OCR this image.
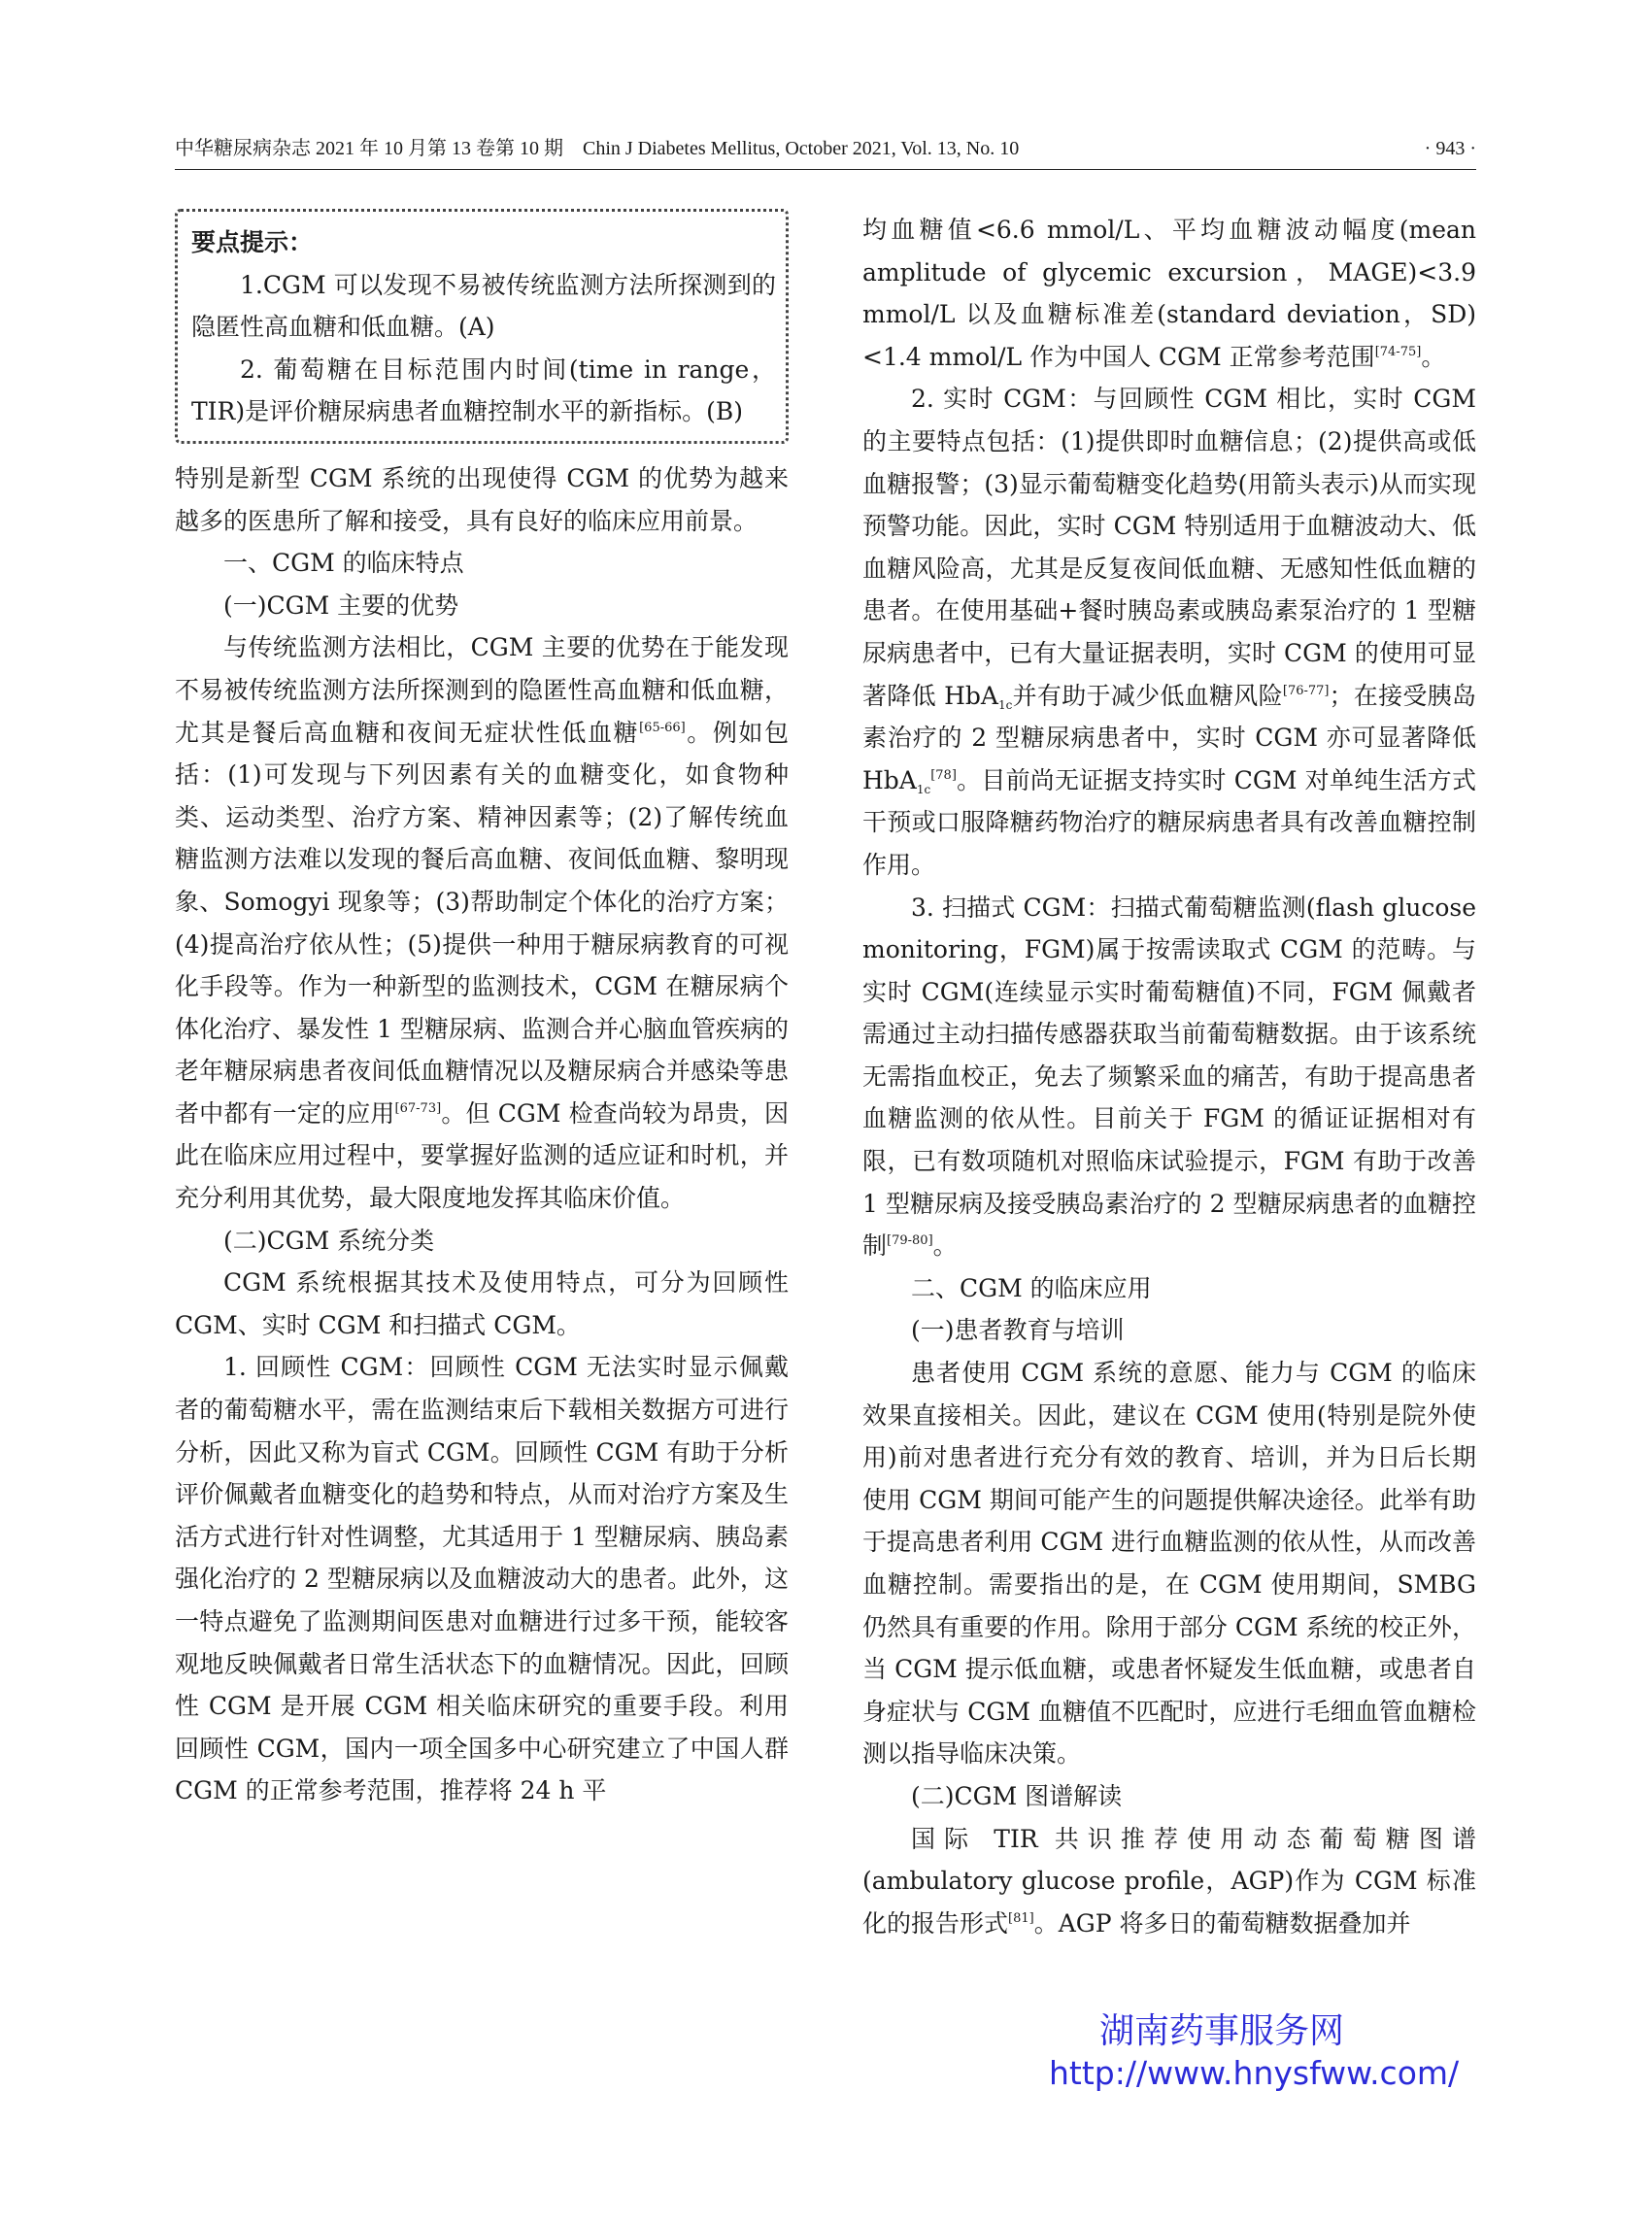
中华糖尿病杂志 2021 年 10 月第 13 卷第 10 期　Chin J Diabetes Mellitus, October 2021, Vol. 13, No. 10	· 943 ·

要点提示：

1.CGM 可以发现不易被传统监测方法所探测到的隐匿性高血糖和低血糖。(A)

2. 葡萄糖在目标范围内时间(time in range，TIR)是评价糖尿病患者血糖控制水平的新指标。(B)

特别是新型 CGM 系统的出现使得 CGM 的优势为越来越多的医患所了解和接受，具有良好的临床应用前景。

一、CGM 的临床特点

(一)CGM 主要的优势

与传统监测方法相比，CGM 主要的优势在于能发现不易被传统监测方法所探测到的隐匿性高血糖和低血糖，尤其是餐后高血糖和夜间无症状性低血糖[65-66]。例如包括：(1)可发现与下列因素有关的血糖变化，如食物种类、运动类型、治疗方案、精神因素等；(2)了解传统血糖监测方法难以发现的餐后高血糖、夜间低血糖、黎明现象、Somogyi 现象等；(3)帮助制定个体化的治疗方案；(4)提高治疗依从性；(5)提供一种用于糖尿病教育的可视化手段等。作为一种新型的监测技术，CGM 在糖尿病个体化治疗、暴发性 1 型糖尿病、监测合并心脑血管疾病的老年糖尿病患者夜间低血糖情况以及糖尿病合并感染等患者中都有一定的应用[67-73]。但 CGM 检查尚较为昂贵，因此在临床应用过程中，要掌握好监测的适应证和时机，并充分利用其优势，最大限度地发挥其临床价值。

(二)CGM 系统分类

CGM 系统根据其技术及使用特点，可分为回顾性 CGM、实时 CGM 和扫描式 CGM。

1. 回顾性 CGM：回顾性 CGM 无法实时显示佩戴者的葡萄糖水平，需在监测结束后下载相关数据方可进行分析，因此又称为盲式 CGM。回顾性 CGM 有助于分析评价佩戴者血糖变化的趋势和特点，从而对治疗方案及生活方式进行针对性调整，尤其适用于 1 型糖尿病、胰岛素强化治疗的 2 型糖尿病以及血糖波动大的患者。此外，这一特点避免了监测期间医患对血糖进行过多干预，能较客观地反映佩戴者日常生活状态下的血糖情况。因此，回顾性 CGM 是开展 CGM 相关临床研究的重要手段。利用回顾性 CGM，国内一项全国多中心研究建立了中国人群 CGM 的正常参考范围，推荐将 24 h 平

均血糖值<6.6 mmol/L、平均血糖波动幅度(mean amplitude of glycemic excursion，MAGE)<3.9 mmol/L 以及血糖标准差(standard deviation，SD)<1.4 mmol/L 作为中国人 CGM 正常参考范围[74-75]。

2. 实时 CGM：与回顾性 CGM 相比，实时 CGM 的主要特点包括：(1)提供即时血糖信息；(2)提供高或低血糖报警；(3)显示葡萄糖变化趋势(用箭头表示)从而实现预警功能。因此，实时 CGM 特别适用于血糖波动大、低血糖风险高，尤其是反复夜间低血糖、无感知性低血糖的患者。在使用基础+餐时胰岛素或胰岛素泵治疗的 1 型糖尿病患者中，已有大量证据表明，实时 CGM 的使用可显著降低 HbA$_{1c}$并有助于减少低血糖风险[76-77]；在接受胰岛素治疗的 2 型糖尿病患者中，实时 CGM 亦可显著降低 HbA$_{1c}$[78]。目前尚无证据支持实时 CGM 对单纯生活方式干预或口服降糖药物治疗的糖尿病患者具有改善血糖控制作用。

3. 扫描式 CGM：扫描式葡萄糖监测(flash glucose monitoring，FGM)属于按需读取式 CGM 的范畴。与实时 CGM(连续显示实时葡萄糖值)不同，FGM 佩戴者需通过主动扫描传感器获取当前葡萄糖数据。由于该系统无需指血校正，免去了频繁采血的痛苦，有助于提高患者血糖监测的依从性。目前关于 FGM 的循证证据相对有限，已有数项随机对照临床试验提示，FGM 有助于改善 1 型糖尿病及接受胰岛素治疗的 2 型糖尿病患者的血糖控制[79-80]。

二、CGM 的临床应用

(一)患者教育与培训

患者使用 CGM 系统的意愿、能力与 CGM 的临床效果直接相关。因此，建议在 CGM 使用(特别是院外使用)前对患者进行充分有效的教育、培训，并为日后长期使用 CGM 期间可能产生的问题提供解决途径。此举有助于提高患者利用 CGM 进行血糖监测的依从性，从而改善血糖控制。需要指出的是，在 CGM 使用期间，SMBG 仍然具有重要的作用。除用于部分 CGM 系统的校正外，当 CGM 提示低血糖，或患者怀疑发生低血糖，或患者自身症状与 CGM 血糖值不匹配时，应进行毛细血管血糖检测以指导临床决策。

(二)CGM 图谱解读

国际 TIR 共识推荐使用动态葡萄糖图谱(ambulatory glucose profile，AGP)作为 CGM 标准化的报告形式[81]。AGP 将多日的葡萄糖数据叠加并

湖南药事服务网
http://www.hnysfww.com/
